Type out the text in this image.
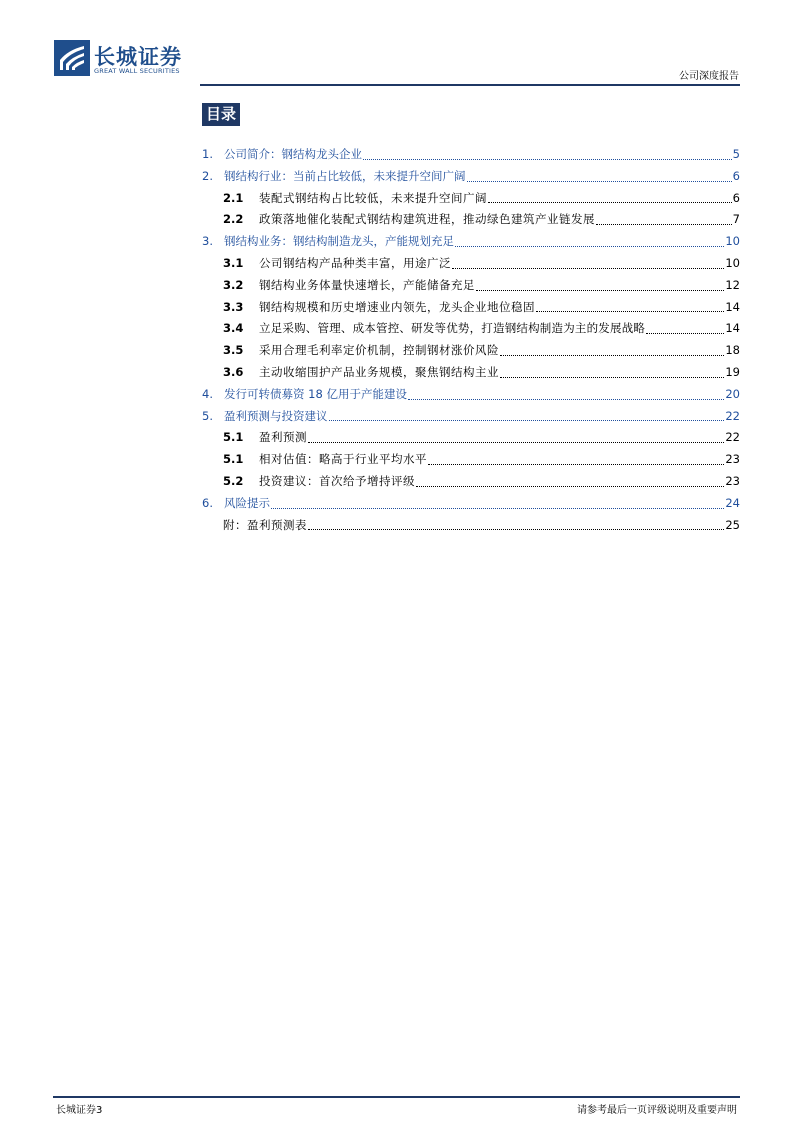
长城证券
GREAT WALL SECURITIES	公司深度报告
目录
1. 公司简介：钢结构龙头企业	5
2. 钢结构行业：当前占比较低，未来提升空间广阔	6
2.1	装配式钢结构占比较低，未来提升空间广阔	6
2.2	政策落地催化装配式钢结构建筑进程，推动绿色建筑产业链发展	7
3. 钢结构业务：钢结构制造龙头，产能规划充足	10
3.1	公司钢结构产品种类丰富，用途广泛	10
3.2	钢结构业务体量快速增长，产能储备充足	12
3.3	钢结构规模和历史增速业内领先，龙头企业地位稳固	14
3.4	立足采购、管理、成本管控、研发等优势，打造钢结构制造为主的发展战略	14
3.5	采用合理毛利率定价机制，控制钢材涨价风险	18
3.6	主动收缩围护产品业务规模，聚焦钢结构主业	19
4. 发行可转债募资 18 亿用于产能建设	20
5. 盈利预测与投资建议	22
5.1	盈利预测	22
5.1	相对估值：略高于行业平均水平	23
5.2	投资建议：首次给予增持评级	23
6. 风险提示	24
附：盈利预测表	25
长城证券3	请参考最后一页评级说明及重要声明
